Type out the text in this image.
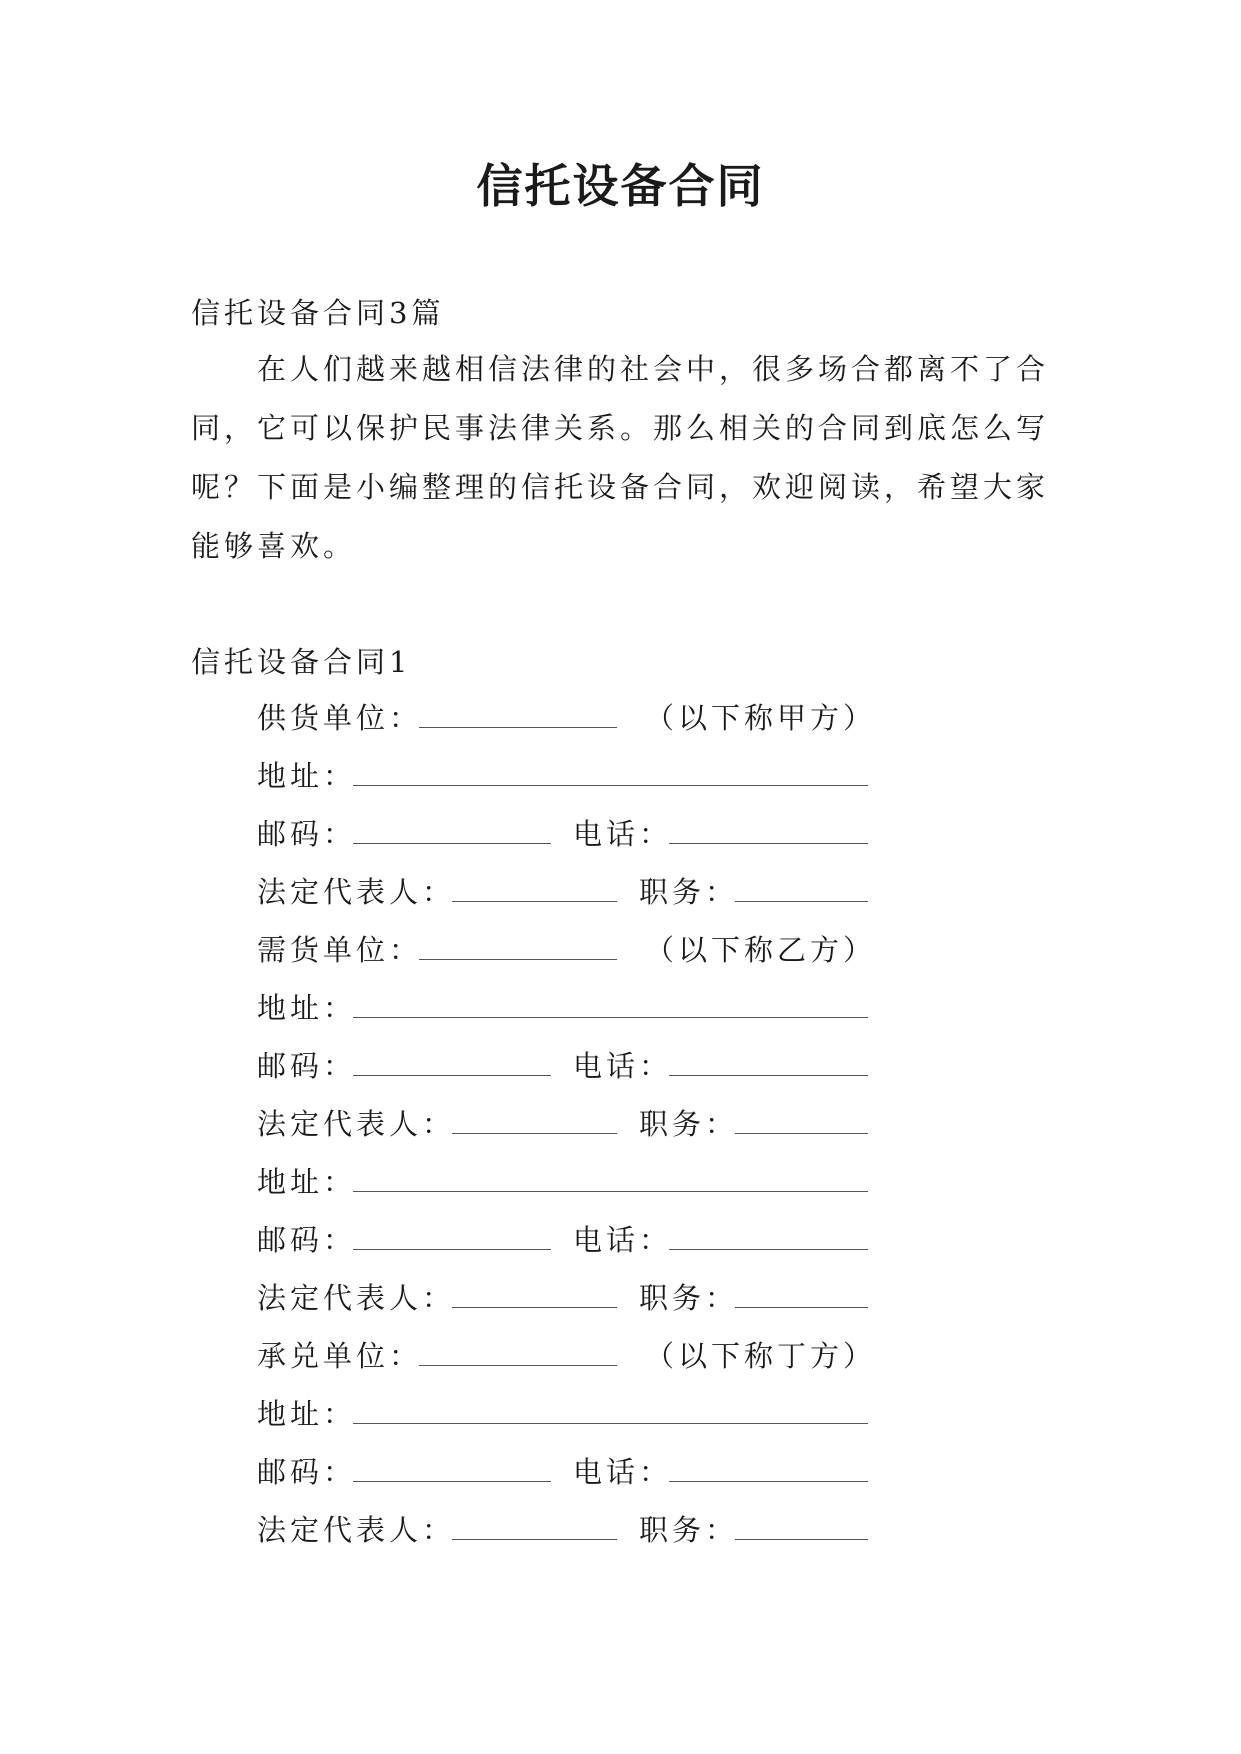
信托设备合同
信托设备合同3篇
在人们越来越相信法律的社会中，很多场合都离不了合同，它可以保护民事法律关系。那么相关的合同到底怎么写呢？下面是小编整理的信托设备合同，欢迎阅读，希望大家能够喜欢。
信托设备合同1
供货单位：	（以下称甲方）
地址：
邮码：	电话：
法定代表人：	职务：
需货单位：	（以下称乙方）
地址：
邮码：	电话：
法定代表人：	职务：
地址：
邮码：	电话：
法定代表人：	职务：
承兑单位：	（以下称丁方）
地址：
邮码：	电话：
法定代表人：	职务：
